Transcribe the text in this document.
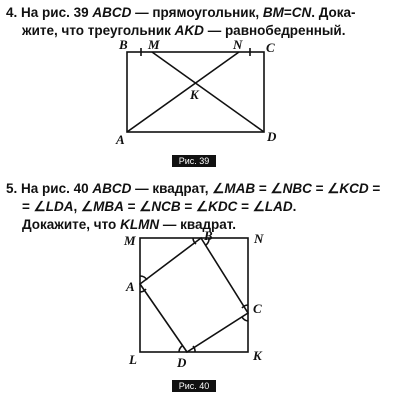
4. На рис. 39 ABCD — прямоугольник, BM=CN. Дока-
жите, что треугольник AKD — равнобедренный.
5. На рис. 40 ABCD — квадрат, ∠MAB = ∠NBC = ∠KCD =
= ∠LDA, ∠MBA = ∠NCB = ∠KDC = ∠LAD.
Докажите, что KLMN — квадрат.
B M	N C
K
A	D
Рис. 39
M	B	N
A
C
L	D	K
Рис. 40
